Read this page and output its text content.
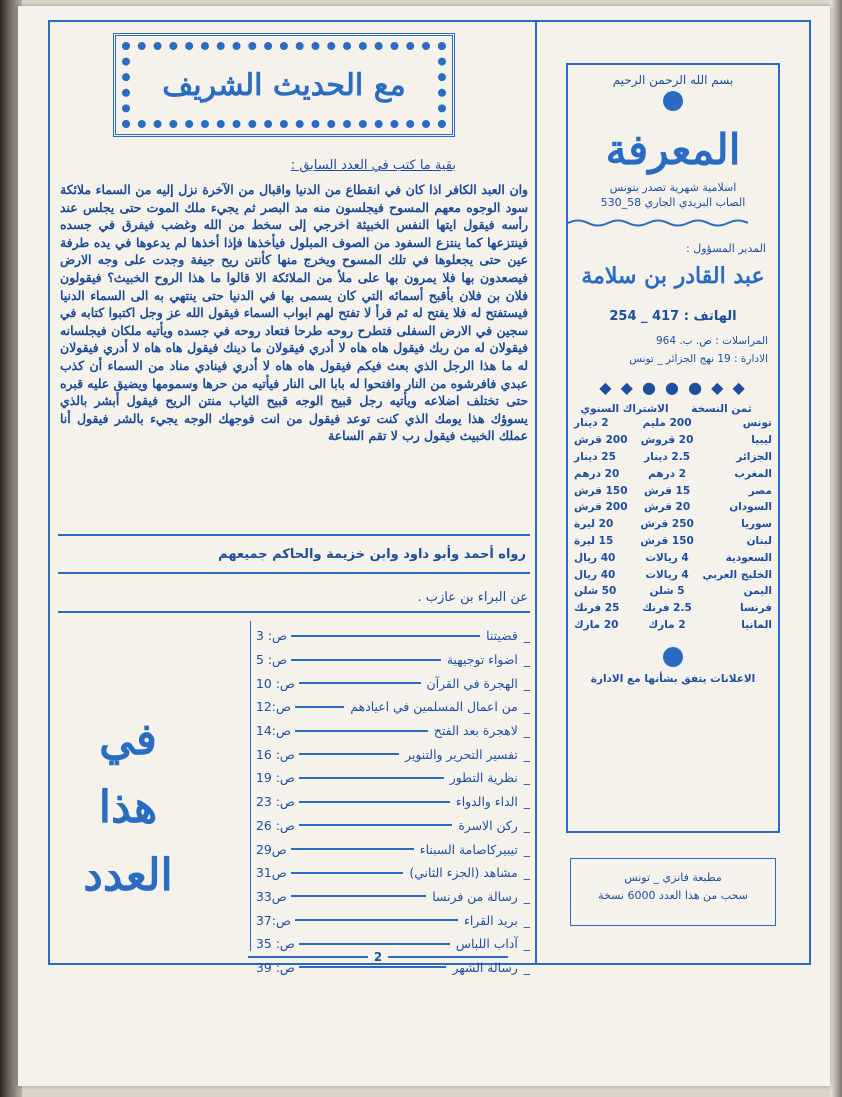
مع الحديث الشريف
بقية ما كتب في العدد السابق :
وان العبد الكافر اذا كان في انقطاع من الدنيا واقبال من الآخرة نزل إليه من السماء ملائكة سود الوجوه معهم المسوح فيجلسون منه مد البصر ثم يجيء ملك الموت حتى يجلس عند رأسه فيقول ايتها النفس الخبيثة اخرجي إلى سخط من الله وغضب فيفرق في جسده فينتزعها كما ينتزع السفود من الصوف المبلول فيأخذها فإذا أخذها لم يدعوها في يده طرفة عين حتى يجعلوها في تلك المسوح ويخرج منها كأنتن ريح جيفة وجدت على وجه الارض فيصعدون بها فلا يمرون بها على ملأ من الملائكة الا قالوا ما هذا الروح الخبيث؟ فيقولون فلان بن فلان بأقبح أسمائه التي كان يسمى بها في الدنيا حتى ينتهي به الى السماء الدنيا فيستفتح له فلا يفتح له ثم قرأ لا تفتح لهم ابواب السماء فيقول الله عز وجل اكتبوا كتابه في سجين في الارض السفلى فتطرح روحه طرحا فتعاد روحه في جسده ويأتيه ملكان فيجلسانه فيقولان له من ربك فيقول هاه هاه لا أدري فيقولان ما دينك فيقول هاه هاه لا أدري فيقولان له ما هذا الرجل الذي بعث فيكم فيقول هاه هاه لا أدري فينادي مناد من السماء أن كذب عبدي فافرشوه من النار وافتحوا له بابا الى النار فيأتيه من حرها وسمومها ويضيق عليه قبره حتى تختلف اضلاعه ويأتيه رجل قبيح الوجه قبيح الثياب منتن الريح فيقول أبشر بالذي يسوؤك هذا يومك الذي كنت توعد فيقول من انت فوجهك الوجه يجيء بالشر فيقول أنا عملك الخبيث فيقول رب لا تقم الساعة
رواه أحمد وأبو داود وابن خزيمة والحاكم جميعهم
عن البراء بن عازب .
في
هذا
العدد
_
قضيتنا
ص: 3
_
اضواء توجيهية
ص: 5
_
الهجرة في القرآن
ص: 10
_
من اعمال المسلمين في اعيادهم
ص:12
_
لاهجرة بعد الفتح
ص:14
_
تفسير التحرير والتنوير
ص: 16
_
نظرية التطور
ص: 19
_
الداء والدواء
ص: 23
_
ركن الاسرة
ص: 26
_
تيبيركاصامة السبناء
ص29
_
مشاهد (الجزء الثاني)
ص31
_
رسالة من فرنسا
ص33
_
بريد القراء
ص:37
_
آداب اللباس
ص: 35
_
رسالة الشهر
ص: 39
2
بسم الله الرحمن الرحيم
المعرفة
اسلامية شهرية تصدر بتونس
الصاب البريدي الجاري 58_530
المدير المسؤول :
عبد القادر بن سلامة
الهاتف : 417 _ 254
المراسلات : ص. ب. 964
الادارة : 19 نهج الجزائر _ تونس
◆ ◆ ● ● ● ◆ ◆
ثمن النسخة
الاشتراك السنوي
تونس
200 مليم
2 دينار
ليبيا
20 قروش
200 قرش
الجزائر
2.5 دينار
25 دينار
المغرب
2 درهم
20 درهم
مصر
15 قرش
150 قرش
السودان
20 قرش
200 قرش
سوريا
250 قرش
20 ليرة
لبنان
150 قرش
15 ليرة
السعودية
4 ريالات
40 ريال
الخليج العربي
4 ريالات
40 ريال
اليمن
5 شلن
50 شلن
فرنسا
2.5 فرنك
25 فرنك
المانيا
2 مارك
20 مارك
الاعلانات يتفق بشأنها مع الادارة
مطبعة فانزي _ تونس
سحب من هذا العدد 6000 نسخة
